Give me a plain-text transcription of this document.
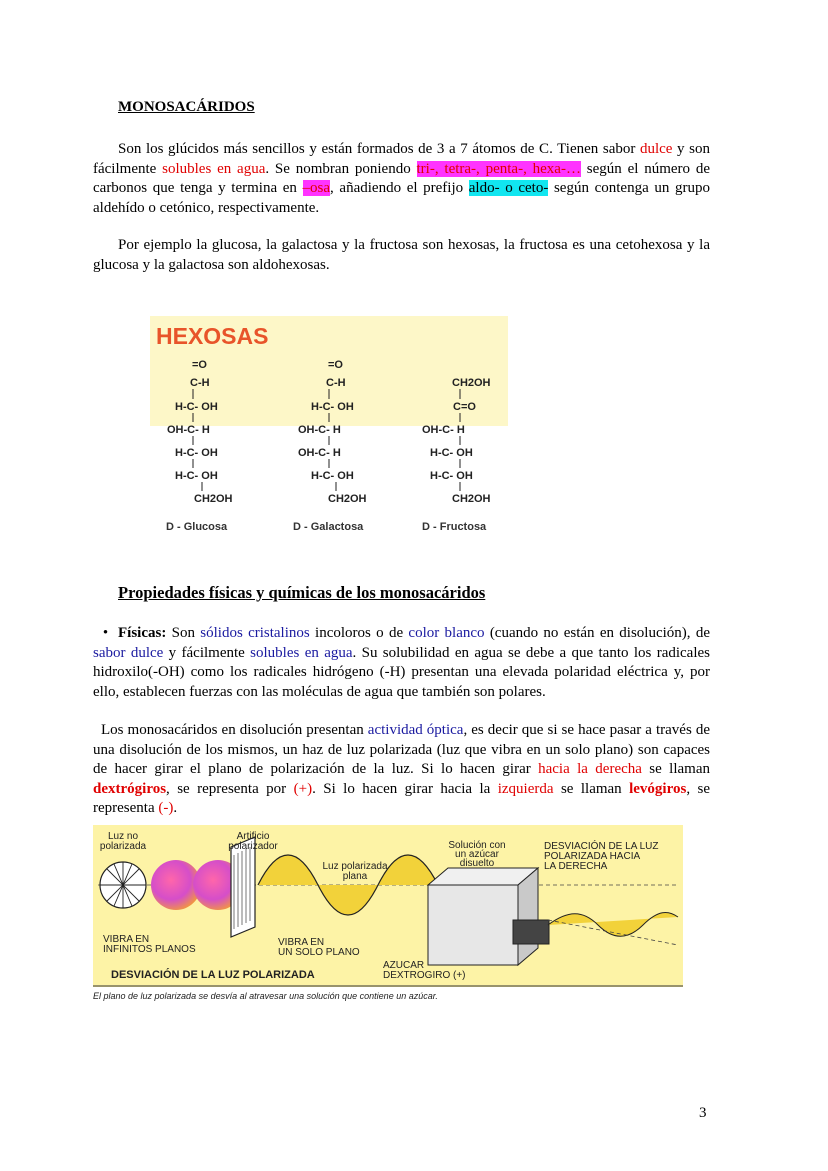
MONOSACÁRIDOS

Son los glúcidos más sencillos y están formados de 3 a 7 átomos de C. Tienen sabor dulce y son fácilmente solubles en agua. Se nombran poniendo tri-, tetra-, penta-, hexa-… según el número de carbonos que tenga y termina en –osa, añadiendo el prefijo aldo- o ceto- según contenga un grupo aldehído o cetónico, respectivamente.

Por ejemplo la glucosa, la galactosa y la fructosa son hexosas, la fructosa es una cetohexosa y la glucosa y la galactosa son aldohexosas.

HEXOSAS
=O
C-H
H-C- OH
OH-C- H
H-C- OH
H-C- OH
CH2OH
D - Glucosa
=O
C-H
H-C- OH
OH-C- H
OH-C- H
H-C- OH
CH2OH
D - Galactosa
CH2OH
C=O
OH-C- H
H-C- OH
H-C- OH
CH2OH
D - Fructosa
Propiedades físicas y químicas de los monosacáridos

• Físicas: Son sólidos cristalinos incoloros o de color blanco (cuando no están en disolución), de sabor dulce y fácilmente solubles en agua. Su solubilidad en agua se debe a que tanto los radicales hidroxilo(-OH) como los radicales hidrógeno (-H) presentan una elevada polaridad eléctrica y, por ello, establecen fuerzas con las moléculas de agua que también son polares.

Los monosacáridos en disolución presentan actividad óptica, es decir que si se hace pasar a través de una disolución de los mismos, un haz de luz polarizada (luz que vibra en un solo plano) son capaces de hacer girar el plano de polarización de la luz. Si lo hacen girar hacia la derecha se llaman dextrógiros, se representa por (+). Si lo hacen girar hacia la izquierda se llaman levógiros, se representa (-).

Luz no
polarizada
Artificio
polarizador
Luz polarizada
plana
Solución con
un azúcar
disuelto
DESVIACIÓN DE LA LUZ
POLARIZADA HACIA
LA DERECHA
VIBRA EN
INFINITOS PLANOS
VIBRA EN
UN SOLO PLANO
AZUCAR
DEXTROGIRO (+)
DESVIACIÓN DE LA LUZ POLARIZADA
El plano de luz polarizada se desvía al atravesar una solución que contiene un azúcar.
3
